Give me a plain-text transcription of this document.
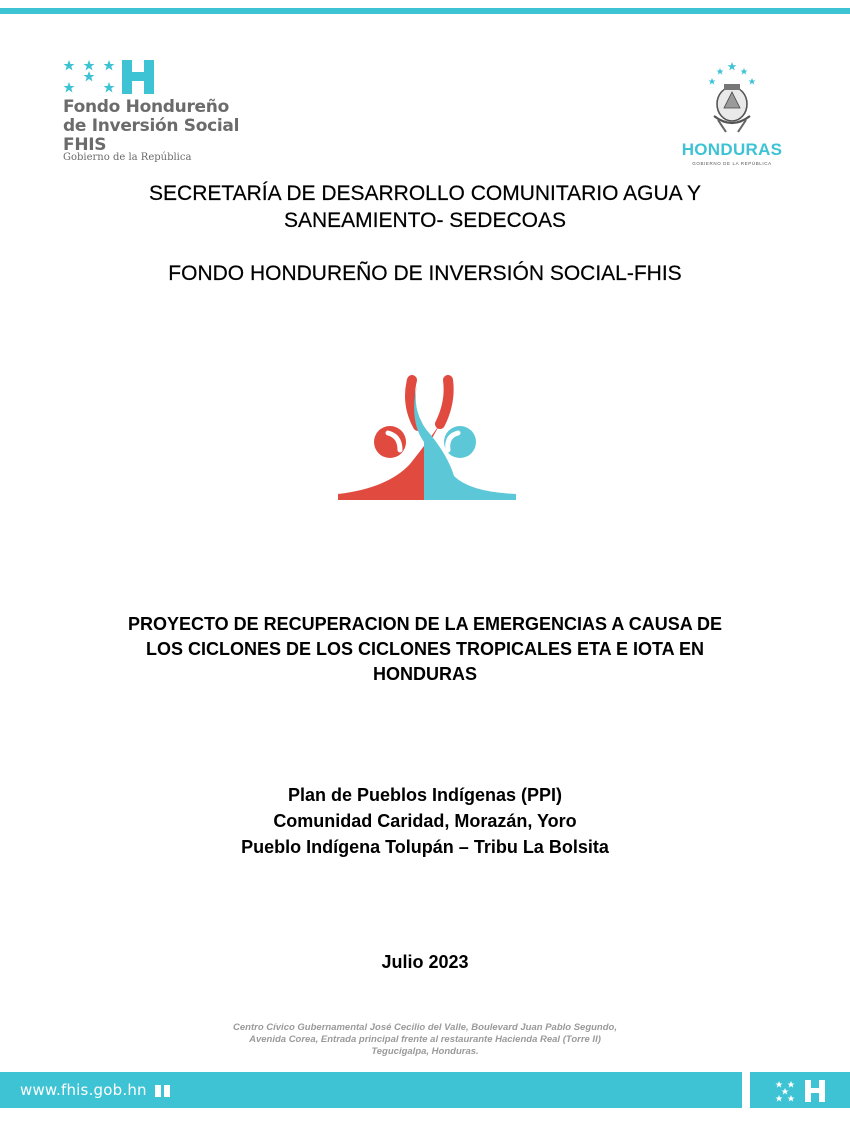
Fondo Hondureño
de Inversión Social
FHIS
Gobierno de la República	HONDURAS
GOBIERNO DE LA REPÚBLICA
SECRETARÍA DE DESARROLLO COMUNITARIO AGUA Y
SANEAMIENTO- SEDECOAS
FONDO HONDUREÑO DE INVERSIÓN SOCIAL-FHIS
PROYECTO DE RECUPERACION DE LA EMERGENCIAS A CAUSA DE
LOS CICLONES DE LOS CICLONES TROPICALES ETA E IOTA EN
HONDURAS
Plan de Pueblos Indígenas (PPI)
Comunidad Caridad, Morazán, Yoro
Pueblo Indígena Tolupán – Tribu La Bolsita
Julio 2023
Centro Cívico Gubernamental José Cecilio del Valle, Boulevard Juan Pablo Segundo,
Avenida Corea, Entrada principal frente al restaurante Hacienda Real (Torre II)
Tegucigalpa, Honduras.
www.fhis.gob.hn
